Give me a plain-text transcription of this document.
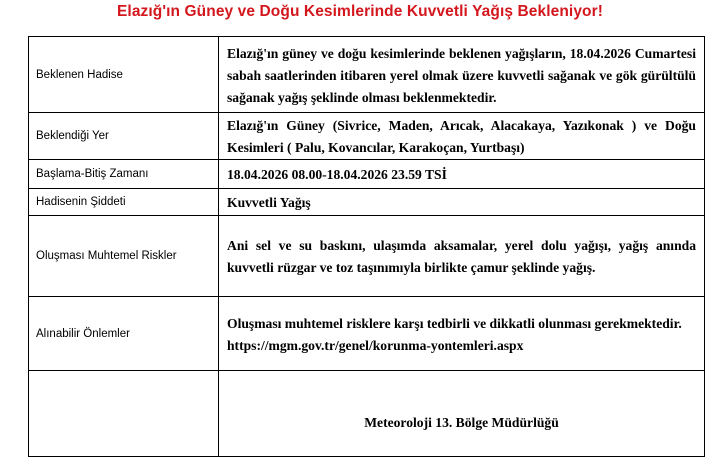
Elazığ'ın Güney ve Doğu Kesimlerinde Kuvvetli Yağış Bekleniyor!
Beklenen Hadise	Elazığ'ın güney ve doğu kesimlerinde beklenen yağışların, 18.04.2026 Cumartesi sabah saatlerinden itibaren yerel olmak üzere kuvvetli sağanak ve gök gürültülü sağanak yağış şeklinde olması beklenmektedir.
Beklendiği Yer	Elazığ'ın Güney (Sivrice, Maden, Arıcak, Alacakaya, Yazıkonak ) ve Doğu Kesimleri ( Palu, Kovancılar, Karakoçan, Yurtbaşı)
Başlama-Bitiş Zamanı	18.04.2026 08.00-18.04.2026 23.59 TSİ
Hadisenin Şiddeti	Kuvvetli Yağış
Oluşması Muhtemel Riskler	Ani sel ve su baskını, ulaşımda aksamalar, yerel dolu yağışı, yağış anında kuvvetli rüzgar ve toz taşınımıyla birlikte çamur şeklinde yağış.
Alınabilir Önlemler	Oluşması muhtemel risklere karşı tedbirli ve dikkatli olunması gerekmektedir.
https://mgm.gov.tr/genel/korunma-yontemleri.aspx

	Meteoroloji 13. Bölge Müdürlüğü
